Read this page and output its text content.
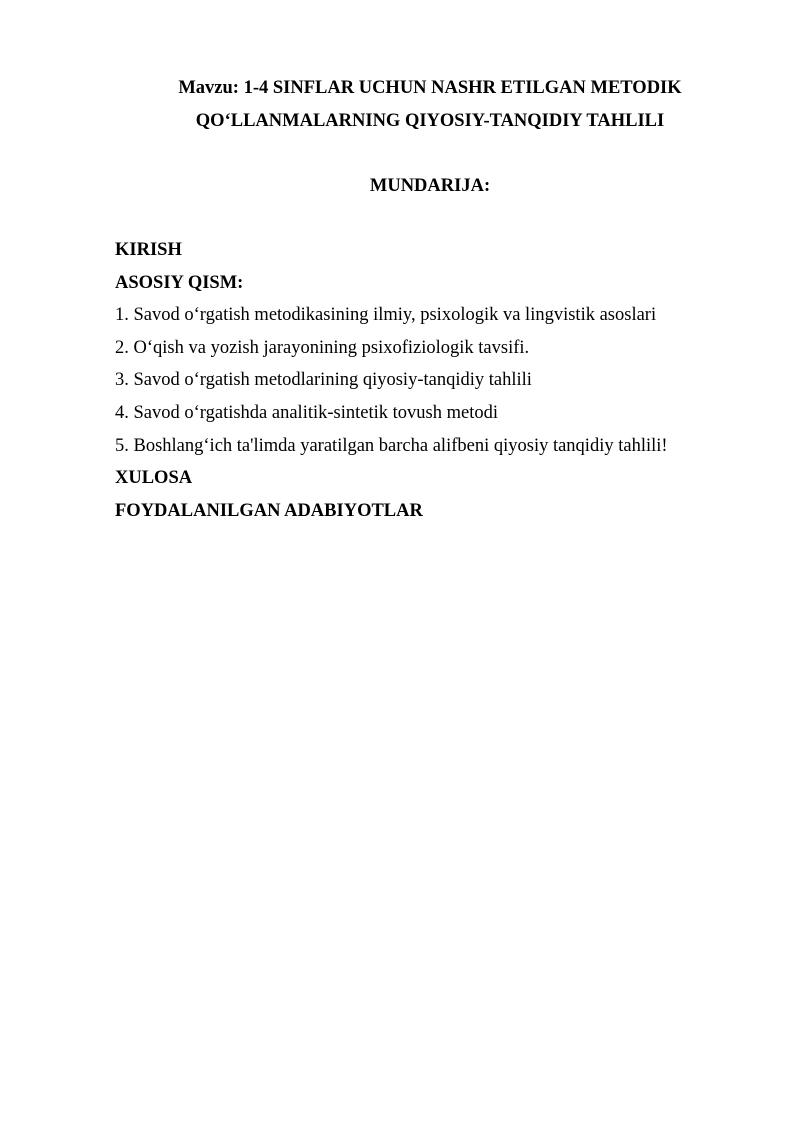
Mavzu: 1-4 SINFLAR UCHUN NASHR ETILGAN METODIK
QO‘LLANMALARNING QIYOSIY-TANQIDIY TAHLILI
MUNDARIJA:
KIRISH
ASOSIY QISM:
1. Savod o‘rgatish metodikasining ilmiy, psixologik va lingvistik asoslari
2. O‘qish va yozish jarayonining psixofiziologik tavsifi.
3. Savod o‘rgatish metodlarining qiyosiy-tanqidiy tahlili
4. Savod o‘rgatishda analitik-sintetik tovush metodi
5. Boshlang‘ich ta'limda yaratilgan barcha alifbeni qiyosiy tanqidiy tahlili!
XULOSA
FOYDALANILGAN ADABIYOTLAR
